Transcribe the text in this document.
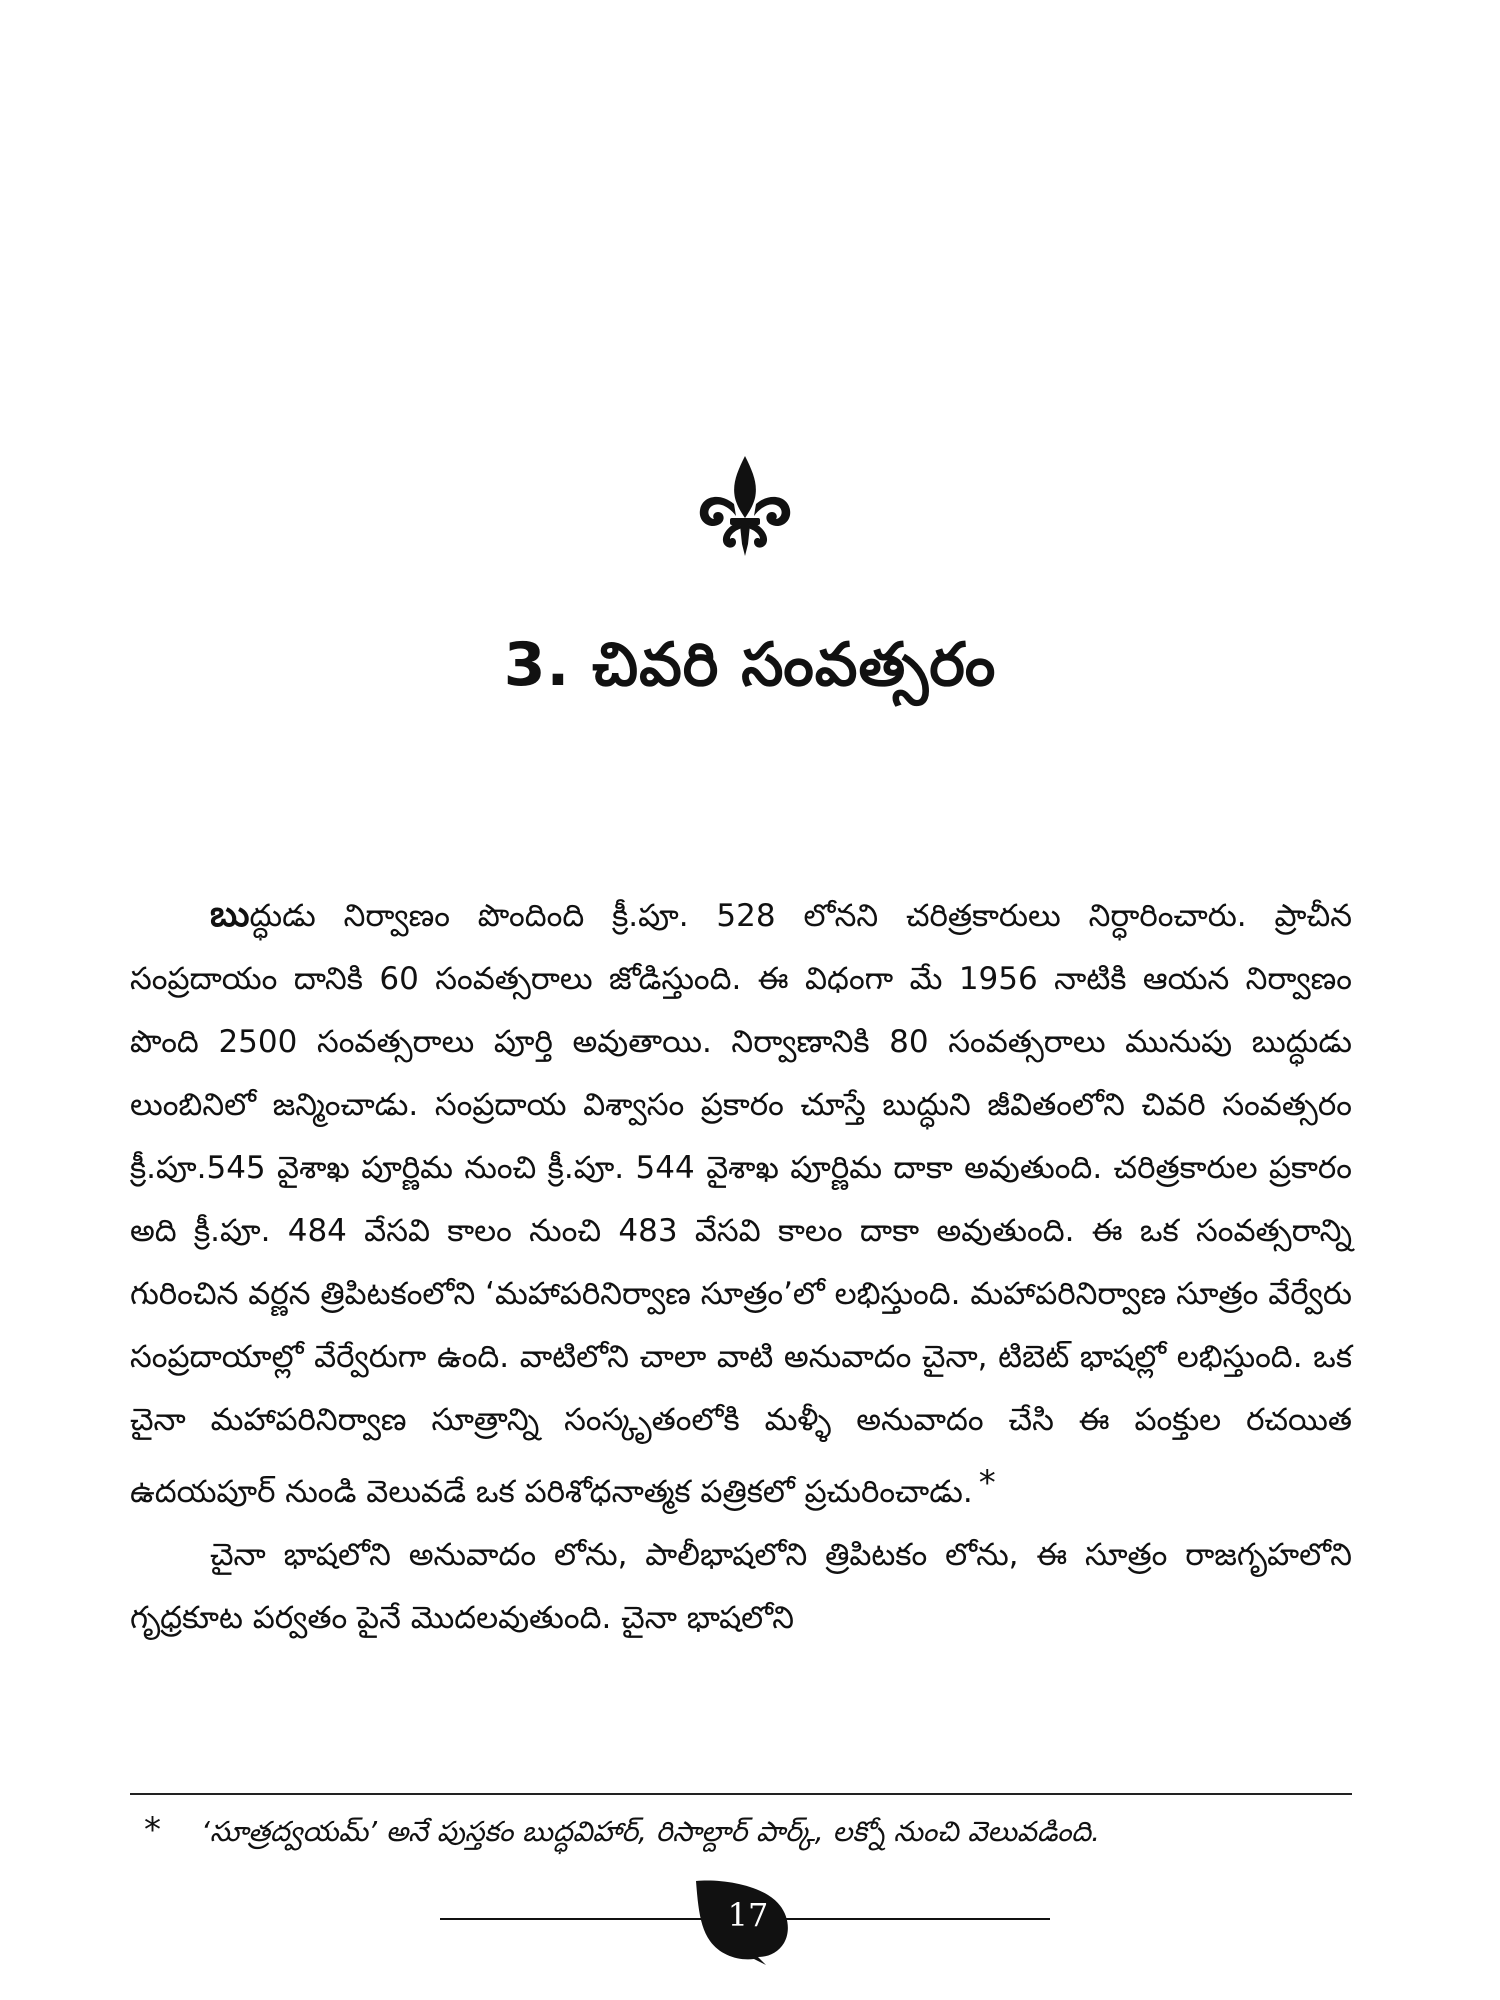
3. చివరి సంవత్సరం

బుద్ధుడు నిర్వాణం పొందింది క్రీ.పూ. 528 లోనని చరిత్రకారులు నిర్ధారించారు. ప్రాచీన సంప్రదాయం దానికి 60 సంవత్సరాలు జోడిస్తుంది. ఈ విధంగా మే 1956 నాటికి ఆయన నిర్వాణం పొంది 2500 సంవత్సరాలు పూర్తి అవుతాయి. నిర్వాణానికి 80 సంవత్సరాలు మునుపు బుద్ధుడు లుంబినిలో జన్మించాడు. సంప్రదాయ విశ్వాసం ప్రకారం చూస్తే బుద్ధుని జీవితంలోని చివరి సంవత్సరం క్రీ.పూ.545 వైశాఖ పూర్ణిమ నుంచి క్రీ.పూ. 544 వైశాఖ పూర్ణిమ దాకా అవుతుంది. చరిత్రకారుల ప్రకారం అది క్రీ.పూ. 484 వేసవి కాలం నుంచి 483 వేసవి కాలం దాకా అవుతుంది. ఈ ఒక సంవత్సరాన్ని గురించిన వర్ణన త్రిపిటకంలోని ‘మహాపరినిర్వాణ సూత్రం’లో లభిస్తుంది. మహాపరినిర్వాణ సూత్రం వేర్వేరు సంప్రదాయాల్లో వేర్వేరుగా ఉంది. వాటిలోని చాలా వాటి అనువాదం చైనా, టిబెట్ భాషల్లో లభిస్తుంది. ఒక చైనా మహాపరినిర్వాణ సూత్రాన్ని సంస్కృతంలోకి మళ్ళీ అనువాదం చేసి ఈ పంక్తుల రచయిత ఉదయపూర్ నుండి వెలువడే ఒక పరిశోధనాత్మక పత్రికలో ప్రచురించాడు. *

చైనా భాషలోని అనువాదం లోను, పాలీభాషలోని త్రిపిటకం లోను, ఈ సూత్రం రాజగృహలోని గృధ్రకూట పర్వతం పైనే మొదలవుతుంది. చైనా భాషలోని

* ‘సూత్రద్వయమ్’ అనే పుస్తకం బుద్ధవిహార్, రిసాల్దార్ పార్క్, లక్నో నుంచి వెలువడింది.
17
